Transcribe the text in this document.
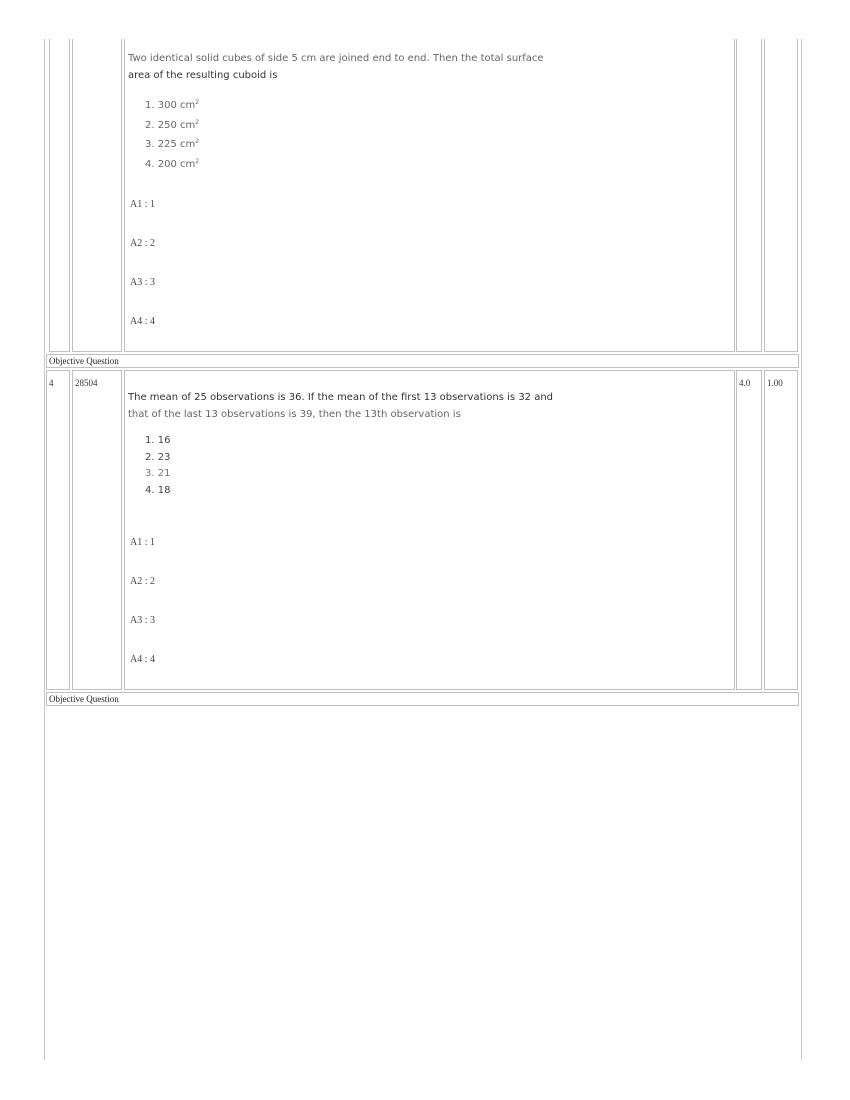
Two identical solid cubes of side 5 cm are joined end to end. Then the total surface
area of the resulting cuboid is
1. 300 $cm^2$
2. 250 $cm^2$
3. 225 $cm^2$
4. 200 $cm^2$
A1 : 1
A2 : 2
A3 : 3
A4 : 4
Objective Question
4	28504
The mean of 25 observations is 36. If the mean of the first 13 observations is 32 and
that of the last 13 observations is 39, then the 13th observation is
1. 16
2. 23
3. 21
4. 18
A1 : 1
A2 : 2
A3 : 3
A4 : 4
4.0	1.00
Objective Question
